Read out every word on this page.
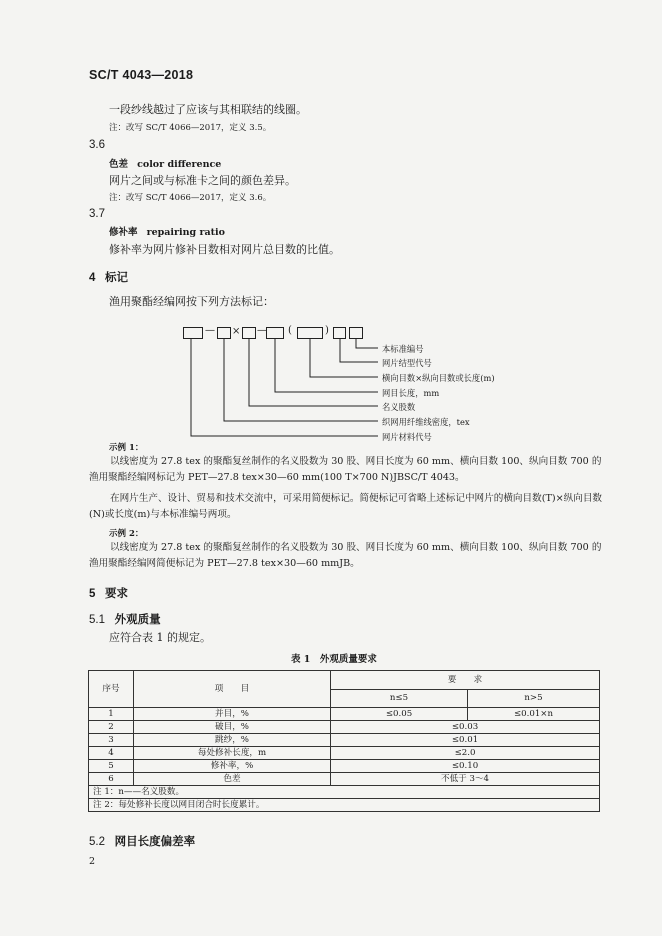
SC/T 4043—2018
一段纱线越过了应该与其相联结的线圈。
注：改写 SC/T 4066—2017，定义 3.5。
3.6
色差 color difference
网片之间或与标准卡之间的颜色差异。
注：改写 SC/T 4066—2017，定义 3.6。
3.7
修补率 repairing ratio
修补率为网片修补目数相对网片总目数的比值。
4 标记
渔用聚酯经编网按下列方法标记：
— × — (	)
本标准编号
网片结型代号
横向目数×纵向目数或长度(m)
网目长度，mm
名义股数
织网用纤维线密度，tex
网片材料代号
示例 1：
以线密度为 27.8 tex 的聚酯复丝制作的名义股数为 30 股、网目长度为 60 mm、横向目数 100、纵向目数 700 的渔用聚酯经编网标记为 PET—27.8 tex×30—60 mm(100 T×700 N)JBSC/T 4043。
在网片生产、设计、贸易和技术交流中，可采用简便标记。简便标记可省略上述标记中网片的横向目数(T)×纵向目数(N)或长度(m)与本标准编号两项。
示例 2：
以线密度为 27.8 tex 的聚酯复丝制作的名义股数为 30 股、网目长度为 60 mm、横向目数 100、纵向目数 700 的渔用聚酯经编网简便标记为 PET—27.8 tex×30—60 mmJB。
5 要求
5.1 外观质量
应符合表 1 的规定。
表 1　外观质量要求
序号	项　　目	要　　求	
		n≤5	n>5
1	并目，%	≤0.05	≤0.01×n
2	破目，%	≤0.03	
3	跳纱，%	≤0.01	
4	每处修补长度，m	≤2.0	
5	修补率，%	≤0.10	
6	色差	不低于 3～4	
注 1：n——名义股数。			
注 2：每处修补长度以网目闭合时长度累计。			
5.2 网目长度偏差率
2
